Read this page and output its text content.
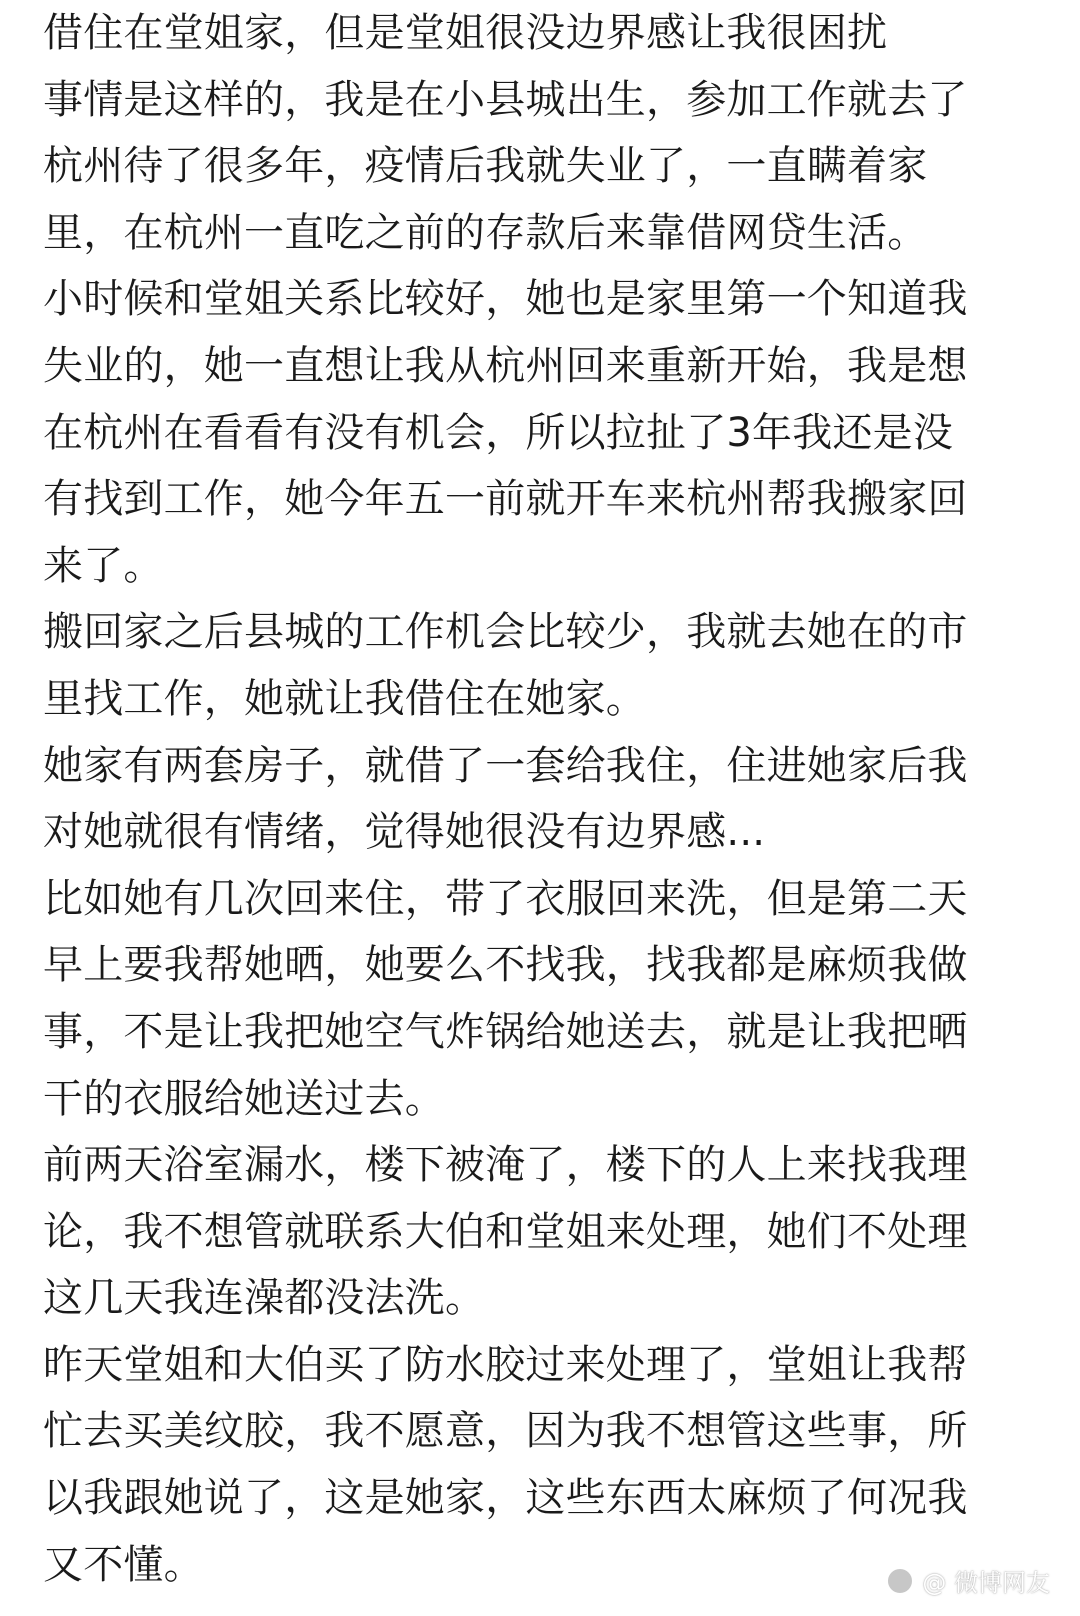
借住在堂姐家，但是堂姐很没边界感让我很困扰
事情是这样的，我是在小县城出生，参加工作就去了
杭州待了很多年，疫情后我就失业了，一直瞒着家
里，在杭州一直吃之前的存款后来靠借网贷生活。
小时候和堂姐关系比较好，她也是家里第一个知道我
失业的，她一直想让我从杭州回来重新开始，我是想
在杭州在看看有没有机会，所以拉扯了3年我还是没
有找到工作，她今年五一前就开车来杭州帮我搬家回
来了。
搬回家之后县城的工作机会比较少，我就去她在的市
里找工作，她就让我借住在她家。
她家有两套房子，就借了一套给我住，住进她家后我
对她就很有情绪，觉得她很没有边界感...
比如她有几次回来住，带了衣服回来洗，但是第二天
早上要我帮她晒，她要么不找我，找我都是麻烦我做
事，不是让我把她空气炸锅给她送去，就是让我把晒
干的衣服给她送过去。
前两天浴室漏水，楼下被淹了，楼下的人上来找我理
论，我不想管就联系大伯和堂姐来处理，她们不处理
这几天我连澡都没法洗。
昨天堂姐和大伯买了防水胶过来处理了，堂姐让我帮
忙去买美纹胶，我不愿意，因为我不想管这些事，所
以我跟她说了，这是她家，这些东西太麻烦了何况我
又不懂。	@ 微博网友
